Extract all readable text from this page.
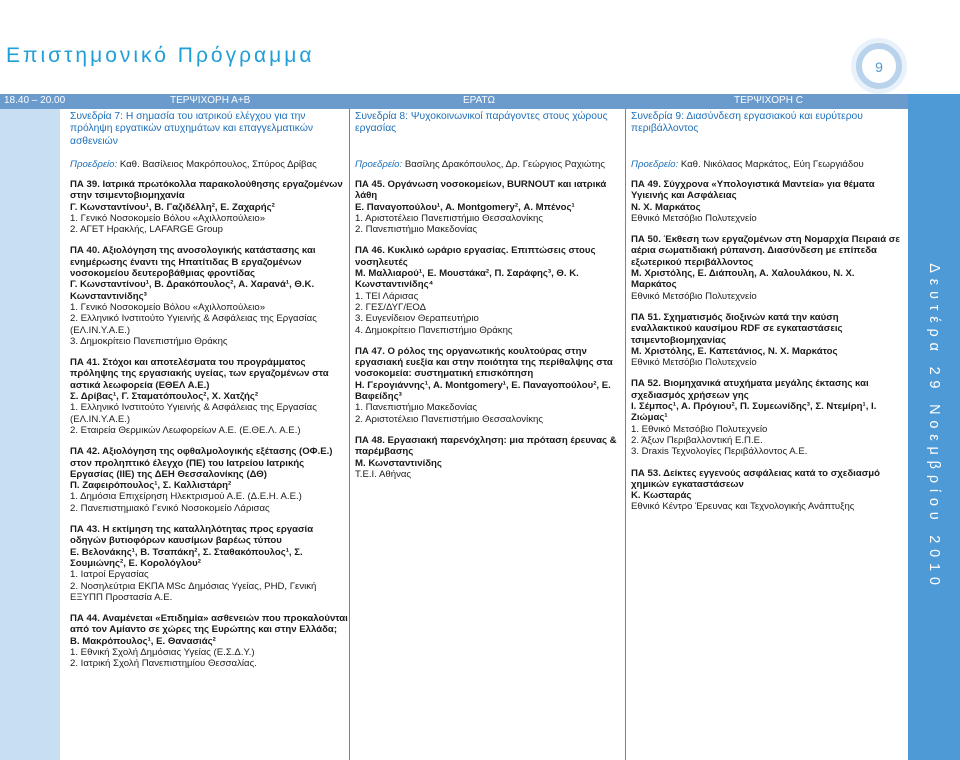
Επιστημονικό Πρόγραμμα	9
18.40 – 20.00	ΤΕΡΨΙΧΟΡΗ Α+Β	ΕΡΑΤΩ	ΤΕΡΨΙΧΟΡΗ C
Δευτέρα 29 Νοεμβρίου 2010
Συνεδρία 7: Η σημασία του ιατρικού ελέγχου για την πρόληψη εργατικών ατυχημάτων και επαγγελματικών ασθενειών
Προεδρείο: Καθ. Βασίλειος Μακρόπουλος, Σπύρος Δρίβας
ΠΑ 39. Ιατρικά πρωτόκολλα παρακολούθησης εργαζομένων στην τσιμεντοβιομηχανία
Γ. Κωνσταντίνου¹, Β. Γαζιδέλλη², Ε. Ζαχαρής²
1. Γενικό Νοσοκομείο Βόλου «Αχιλλοπούλειο»
2. ΑΓΕΤ Ηρακλής, LAFARGE Group
ΠΑ 40. Αξιολόγηση της ανοσολογικής κατάστασης και ενημέρωσης έναντι της Ηπατίτιδας Β εργαζομένων νοσοκομείου δευτεροβάθμιας φροντίδας
Γ. Κωνσταντίνου¹, Β. Δρακόπουλος², Α. Χαρανά¹, Θ.Κ. Κωνσταντινίδης³
1. Γενικό Νοσοκομείο Βόλου «Αχιλλοπούλειο»
2. Ελληνικό Ινστιτούτο Υγιεινής & Ασφάλειας της Εργασίας (ΕΛ.ΙΝ.Υ.Α.Ε.)
3. Δημοκρίτειο Πανεπιστήμιο Θράκης
ΠΑ 41. Στόχοι και αποτελέσματα του προγράμματος πρόληψης της εργασιακής υγείας, των εργαζομένων στα αστικά λεωφορεία (ΕΘΕΛ Α.Ε.)
Σ. Δρίβας¹, Γ. Σταματόπουλος², Χ. Χατζής²
1. Ελληνικό Ινστιτούτο Υγιεινής & Ασφάλειας της Εργασίας (ΕΛ.ΙΝ.Υ.Α.Ε.)
2. Εταιρεία Θερμικών Λεωφορείων Α.Ε. (Ε.ΘΕ.Λ. Α.Ε.)
ΠΑ 42. Αξιολόγηση της οφθαλμολογικής εξέτασης (ΟΦ.Ε.) στον προληπτικό έλεγχο (ΠΕ) του Ιατρείου Ιατρικής Εργασίας (ΙΙΕ) της ΔΕΗ Θεσσαλονίκης (ΔΘ)
Π. Ζαφειρόπουλος¹, Σ. Καλλιστάρη²
1. Δημόσια Επιχείρηση Ηλεκτρισμού Α.Ε. (Δ.Ε.Η. Α.Ε.)
2. Πανεπιστημιακό Γενικό Νοσοκομείο Λάρισας
ΠΑ 43. Η εκτίμηση της καταλληλότητας προς εργασία οδηγών βυτιοφόρων καυσίμων βαρέως τύπου
Ε. Βελονάκης¹, Β. Τσαπάκη², Σ. Σταθακόπουλος¹, Σ. Σουμιώνης², Ε. Κορολόγλου²
1. Ιατροί Εργασίας
2. Νοσηλεύτρια ΕΚΠΑ MSc Δημόσιας Υγείας, PHD, Γενική ΕΞΥΠΠ Προστασία Α.Ε.
ΠΑ 44. Αναμένεται «Επιδημία» ασθενειών που προκαλούνται από τον Αμίαντο σε χώρες της Ευρώπης και στην Ελλάδα;
Β. Μακρόπουλος¹, Ε. Θανασιάς²
1. Εθνική Σχολή Δημόσιας Υγείας (Ε.Σ.Δ.Υ.)
2. Ιατρική Σχολή Πανεπιστημίου Θεσσαλίας.
Συνεδρία 8: Ψυχοκοινωνικοί παράγοντες στους χώρους εργασίας
Προεδρείο: Βασίλης Δρακόπουλος, Δρ. Γεώργιος Ραχιώτης
ΠΑ 45. Οργάνωση νοσοκομείων, BURNOUT και ιατρικά λάθη
Ε. Παναγοπούλου¹, Α. Montgomery², Α. Μπένος¹
1. Αριστοτέλειο Πανεπιστήμιο Θεσσαλονίκης
2. Πανεπιστήμιο Μακεδονίας
ΠΑ 46. Κυκλικό ωράριο εργασίας. Επιπτώσεις στους νοσηλευτές
Μ. Μαλλιαρού¹, Ε. Μουστάκα², Π. Σαράφης³, Θ. Κ. Κωνσταντινίδης⁴
1. ΤΕΙ Λάρισας
2. ΓΕΣ/ΔΥΓ/ΕΟΔ
3. Ευγενίδειον Θεραπευτήριο
4. Δημοκρίτειο Πανεπιστήμιο Θράκης
ΠΑ 47. Ο ρόλος της οργανωτικής κουλτούρας στην εργασιακή ευεξία και στην ποιότητα της περίθαλψης στα νοσοκομεία: συστηματική επισκόπηση
Η. Γερογιάννης¹, Α. Montgomery¹, Ε. Παναγοπούλου², Ε. Βαφείδης³
1. Πανεπιστήμιο Μακεδονίας
2. Αριστοτέλειο Πανεπιστήμιο Θεσσαλονίκης
ΠΑ 48. Εργασιακή παρενόχληση: μια πρόταση έρευνας & παρέμβασης
Μ. Κωνσταντινίδης
Τ.Ε.Ι. Αθήνας
Συνεδρία 9: Διασύνδεση εργασιακού και ευρύτερου περιβάλλοντος
Προεδρείο: Καθ. Νικόλαος Μαρκάτος, Εύη Γεωργιάδου
ΠΑ 49. Σύγχρονα «Υπολογιστικά Μαντεία» για θέματα Υγιεινής και Ασφάλειας
Ν. Χ. Μαρκάτος
Εθνικό Μετσόβιο Πολυτεχνείο
ΠΑ 50. Έκθεση των εργαζομένων στη Νομαρχία Πειραιά σε αέρια σωματιδιακή ρύπανση. Διασύνδεση με επίπεδα εξωτερικού περιβάλλοντος
Μ. Χριστόλης, Ε. Διάπουλη, Α. Χαλουλάκου, Ν. Χ. Μαρκάτος
Εθνικό Μετσόβιο Πολυτεχνείο
ΠΑ 51. Σχηματισμός διοξινών κατά την καύση εναλλακτικού καυσίμου RDF σε εγκαταστάσεις τσιμεντοβιομηχανίας
Μ. Χριστόλης, Ε. Καπετάνιος, Ν. Χ. Μαρκάτος
Εθνικό Μετσόβιο Πολυτεχνείο
ΠΑ 52. Βιομηχανικά ατυχήματα μεγάλης έκτασης και σχεδιασμός χρήσεων γης
Ι. Σέμπος¹, Α. Πρόγιου², Π. Συμεωνίδης³, Σ. Ντεμίρη¹, Ι. Ζιώμας¹
1. Εθνικό Μετσόβιο Πολυτεχνείο
2. Άξων Περιβαλλοντική Ε.Π.Ε.
3. Draxis Τεχνολογίες Περιβάλλοντος Α.Ε.
ΠΑ 53. Δείκτες εγγενούς ασφάλειας κατά το σχεδιασμό χημικών εγκαταστάσεων
Κ. Κωσταράς
Εθνικό Κέντρο Έρευνας και Τεχνολογικής Ανάπτυξης
